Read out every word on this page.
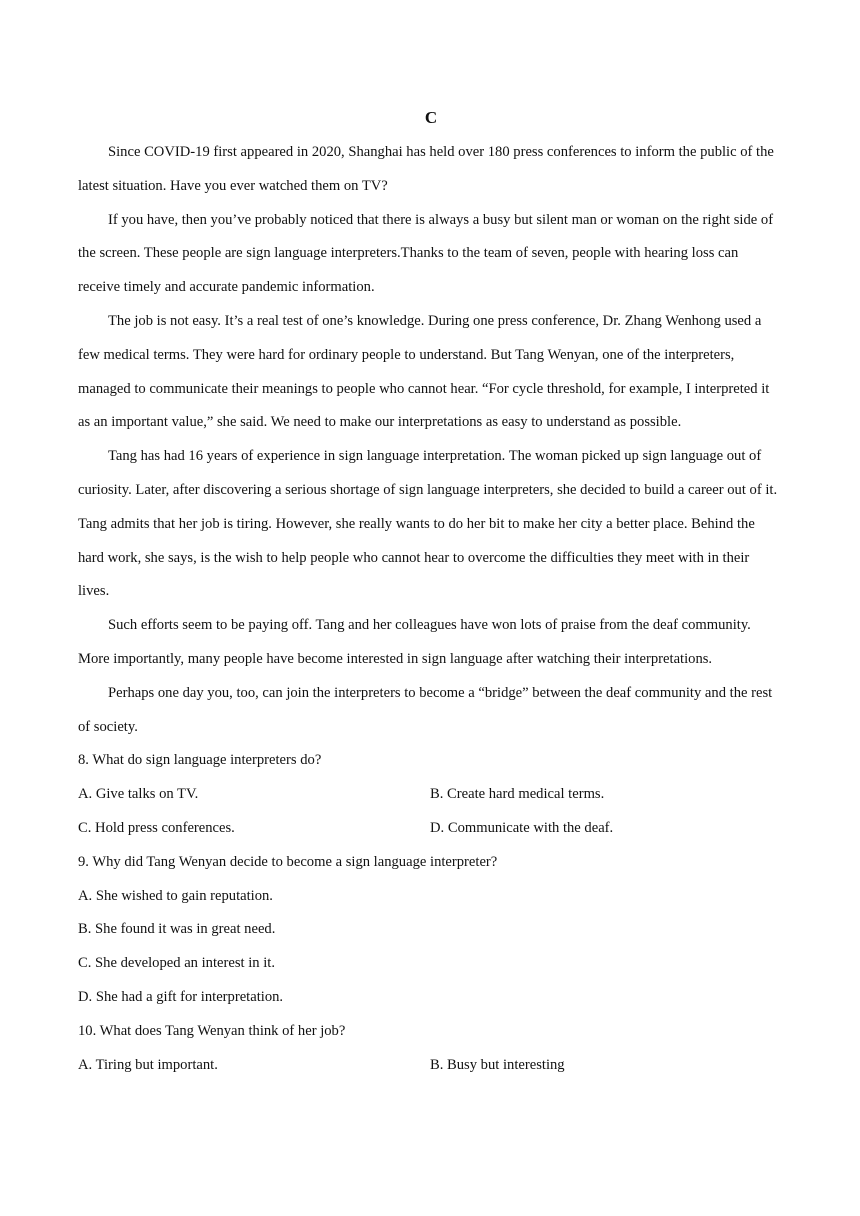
C

Since COVID-19 first appeared in 2020, Shanghai has held over 180 press conferences to inform the public of the latest situation. Have you ever watched them on TV?

If you have, then you’ve probably noticed that there is always a busy but silent man or woman on the right side of the screen. These people are sign language interpreters.Thanks to the team of seven, people with hearing loss can receive timely and accurate pandemic information.

The job is not easy. It’s a real test of one’s knowledge. During one press conference, Dr. Zhang Wenhong used a few medical terms. They were hard for ordinary people to understand. But Tang Wenyan, one of the interpreters, managed to communicate their meanings to people who cannot hear. “For cycle threshold, for example, I interpreted it as an important value,” she said. We need to make our interpretations as easy to understand as possible.

Tang has had 16 years of experience in sign language interpretation. The woman picked up sign language out of curiosity. Later, after discovering a serious shortage of sign language interpreters, she decided to build a career out of it. Tang admits that her job is tiring. However, she really wants to do her bit to make her city a better place. Behind the hard work, she says, is the wish to help people who cannot hear to overcome the difficulties they meet with in their lives.

Such efforts seem to be paying off. Tang and her colleagues have won lots of praise from the deaf community. More importantly, many people have become interested in sign language after watching their interpretations.

Perhaps one day you, too, can join the interpreters to become a “bridge” between the deaf community and the rest of society.

8. What do sign language interpreters do?
A. Give talks on TV.	B. Create hard medical terms.
C. Hold press conferences.	D. Communicate with the deaf.
9. Why did Tang Wenyan decide to become a sign language interpreter?
A. She wished to gain reputation.
B. She found it was in great need.
C. She developed an interest in it.
D. She had a gift for interpretation.
10. What does Tang Wenyan think of her job?
A. Tiring but important.	B. Busy but interesting
